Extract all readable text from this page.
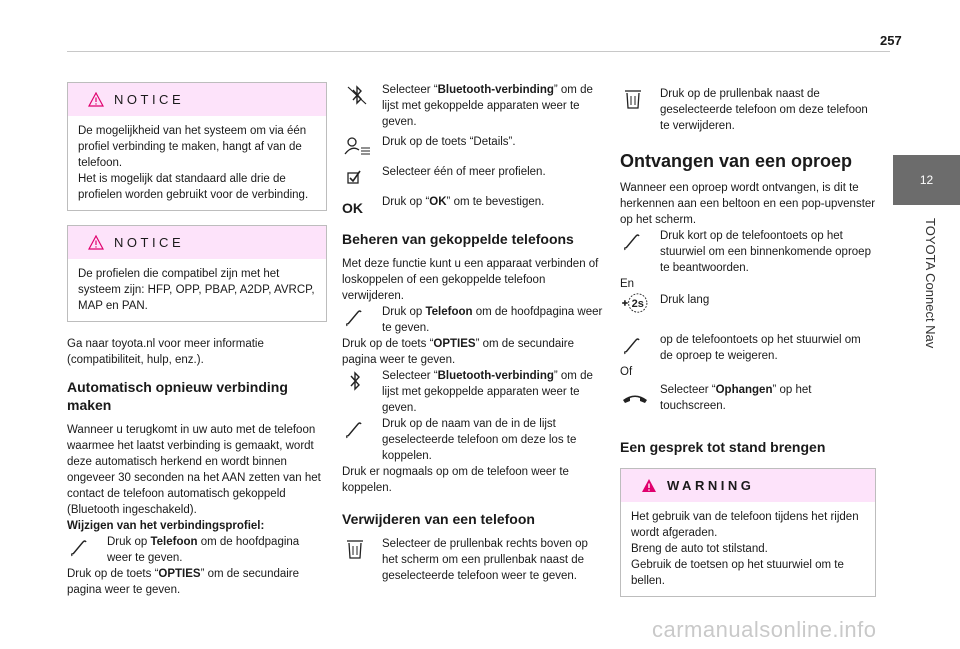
257
12
TOYOTA Connect Nav
NOTICE

De mogelijkheid van het systeem om via één profiel verbinding te maken, hangt af van de telefoon.

Het is mogelijk dat standaard alle drie de profielen worden gebruikt voor de verbinding.

NOTICE

De profielen die compatibel zijn met het systeem zijn: HFP, OPP, PBAP, A2DP, AVRCP, MAP en PAN.

Ga naar toyota.nl voor meer informatie (compatibiliteit, hulp, enz.).

Automatisch opnieuw verbinding maken

Wanneer u terugkomt in uw auto met de telefoon waarmee het laatst verbinding is gemaakt, wordt deze automatisch herkend en wordt binnen ongeveer 30 seconden na het AAN zetten van het contact de telefoon automatisch gekoppeld (Bluetooth ingeschakeld).

Wijzigen van het verbindingsprofiel:

Druk op Telefoon om de hoofdpagina weer te geven.

Druk op de toets “OPTIES” om de secundaire pagina weer te geven.

Selecteer “Bluetooth-verbinding” om de lijst met gekoppelde apparaten weer te geven.
Druk op de toets “Details”.
Selecteer één of meer profielen.
OK	Druk op “OK” om te bevestigen.
Beheren van gekoppelde telefoons

Met deze functie kunt u een apparaat verbinden of loskoppelen of een gekoppelde telefoon verwijderen.

Druk op Telefoon om de hoofdpagina weer te geven.

Druk op de toets “OPTIES” om de secundaire pagina weer te geven.

Selecteer “Bluetooth-verbinding” om de lijst met gekoppelde apparaten weer te geven.
Druk op de naam van de in de lijst geselecteerde telefoon om deze los te koppelen.

Druk er nogmaals op om de telefoon weer te koppelen.

Verwijderen van een telefoon
Selecteer de prullenbak rechts boven op het scherm om een prullenbak naast de geselecteerde telefoon weer te geven.
Druk op de prullenbak naast de geselecteerde telefoon om deze telefoon te verwijderen.
Ontvangen van een oproep

Wanneer een oproep wordt ontvangen, is dit te herkennen aan een beltoon en een pop-upvenster op het scherm.

Druk kort op de telefoontoets op het stuurwiel om een binnenkomende oproep te beantwoorden.

En

2s Druk lang
op de telefoontoets op het stuurwiel om de oproep te weigeren.

Of

Selecteer “Ophangen” op het touchscreen.
Een gesprek tot stand brengen
WARNING

Het gebruik van de telefoon tijdens het rijden wordt afgeraden.

Breng de auto tot stilstand.

Gebruik de toetsen op het stuurwiel om te bellen.

carmanualsonline.info
